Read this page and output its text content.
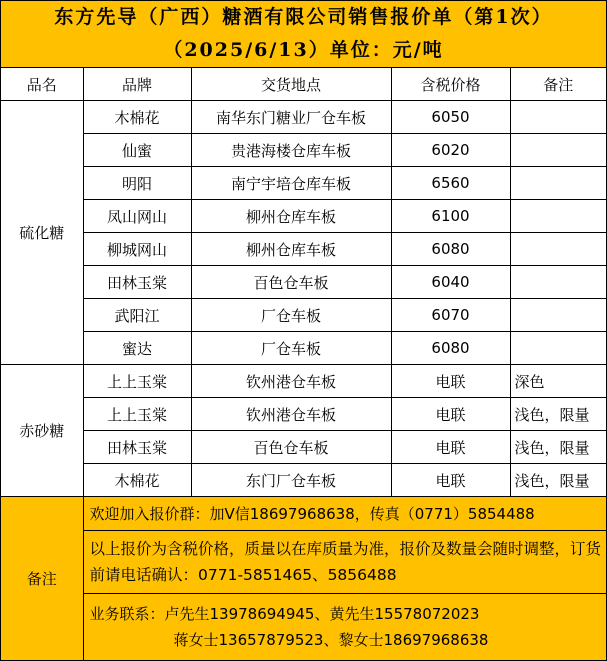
东方先导（广西）糖酒有限公司销售报价单（第1次）
（2025/6/13）单位：元/吨
品名	品牌	交货地点	含税价格	备注
硫化糖	木棉花	南华东门糖业厂仓车板	6050	
	仙蜜	贵港海楼仓库车板	6020	
	明阳	南宁宇培仓库车板	6560	
	凤山网山	柳州仓库车板	6100	
	柳城网山	柳州仓库车板	6080	
	田林玉棠	百色仓车板	6040	
	武阳江	厂仓车板	6070	
	蜜达	厂仓车板	6080	
赤砂糖	上上玉棠	钦州港仓车板	电联	深色
	上上玉棠	钦州港仓车板	电联	浅色，限量
	田林玉棠	百色仓车板	电联	浅色，限量
	木棉花	东门厂仓车板	电联	浅色，限量
备注	欢迎加入报价群：加V信18697968638，传真（0771）5854488
以上报价为含税价格，质量以在库质量为准，报价及数量会随时调整，订货前请电话确认：0771-5851465、5856488
业务联系：卢先生13978694945、黄先生15578072023
蒋女士13657879523、黎女士18697968638
